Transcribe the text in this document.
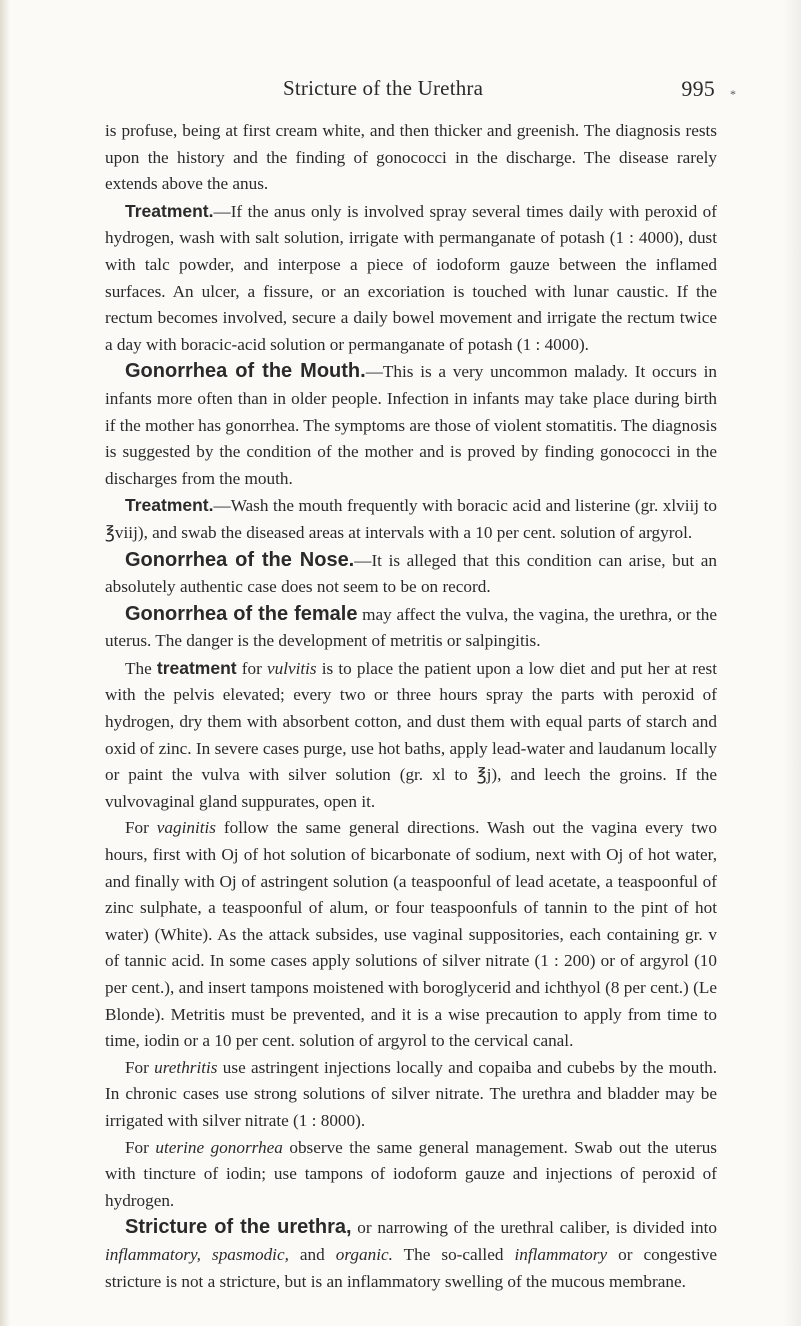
Stricture of the Urethra	995 *

is profuse, being at first cream white, and then thicker and greenish. The diagnosis rests upon the history and the finding of gonococci in the discharge. The disease rarely extends above the anus.

Treatment.—If the anus only is involved spray several times daily with peroxid of hydrogen, wash with salt solution, irrigate with permanganate of potash (1 : 4000), dust with talc powder, and interpose a piece of iodoform gauze between the inflamed surfaces. An ulcer, a fissure, or an excoriation is touched with lunar caustic. If the rectum becomes involved, secure a daily bowel movement and irrigate the rectum twice a day with boracic-acid solution or permanganate of potash (1 : 4000).

Gonorrhea of the Mouth.—This is a very uncommon malady. It occurs in infants more often than in older people. Infection in infants may take place during birth if the mother has gonorrhea. The symptoms are those of violent stomatitis. The diagnosis is suggested by the condition of the mother and is proved by finding gonococci in the discharges from the mouth.

Treatment.—Wash the mouth frequently with boracic acid and listerine (gr. xlviij to ℥viij), and swab the diseased areas at intervals with a 10 per cent. solution of argyrol.

Gonorrhea of the Nose.—It is alleged that this condition can arise, but an absolutely authentic case does not seem to be on record.

Gonorrhea of the female may affect the vulva, the vagina, the urethra, or the uterus. The danger is the development of metritis or salpingitis.

The treatment for vulvitis is to place the patient upon a low diet and put her at rest with the pelvis elevated; every two or three hours spray the parts with peroxid of hydrogen, dry them with absorbent cotton, and dust them with equal parts of starch and oxid of zinc. In severe cases purge, use hot baths, apply lead-water and laudanum locally or paint the vulva with silver solution (gr. xl to ℥j), and leech the groins. If the vulvovaginal gland suppurates, open it.

For vaginitis follow the same general directions. Wash out the vagina every two hours, first with Oj of hot solution of bicarbonate of sodium, next with Oj of hot water, and finally with Oj of astringent solution (a teaspoonful of lead acetate, a teaspoonful of zinc sulphate, a teaspoonful of alum, or four teaspoonfuls of tannin to the pint of hot water) (White). As the attack subsides, use vaginal suppositories, each containing gr. v of tannic acid. In some cases apply solutions of silver nitrate (1 : 200) or of argyrol (10 per cent.), and insert tampons moistened with boroglycerid and ichthyol (8 per cent.) (Le Blonde). Metritis must be prevented, and it is a wise precaution to apply from time to time, iodin or a 10 per cent. solution of argyrol to the cervical canal.

For urethritis use astringent injections locally and copaiba and cubebs by the mouth. In chronic cases use strong solutions of silver nitrate. The urethra and bladder may be irrigated with silver nitrate (1 : 8000).

For uterine gonorrhea observe the same general management. Swab out the uterus with tincture of iodin; use tampons of iodoform gauze and injections of peroxid of hydrogen.

Stricture of the urethra, or narrowing of the urethral caliber, is divided into inflammatory, spasmodic, and organic. The so-called inflammatory or congestive stricture is not a stricture, but is an inflammatory swelling of the mucous membrane.
